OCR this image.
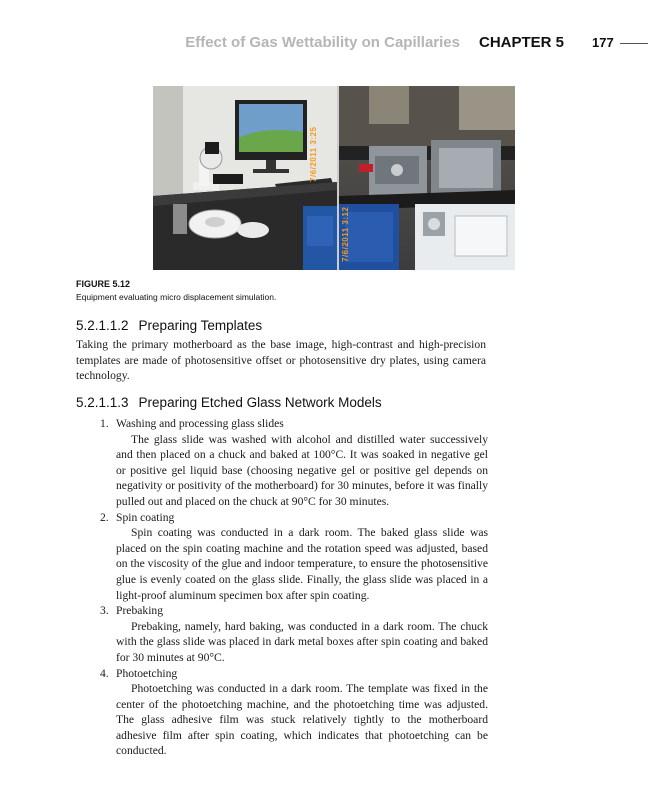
Effect of Gas Wettability on Capillaries CHAPTER 5 177
7/6/2011 3:25
7/6/2011 3:12
FIGURE 5.12
Equipment evaluating micro displacement simulation.
5.2.1.1.2 Preparing Templates
Taking the primary motherboard as the base image, high-contrast and high-precision templates are made of photosensitive offset or photosensitive dry plates, using camera technology.
5.2.1.1.3 Preparing Etched Glass Network Models
1. Washing and processing glass slides
The glass slide was washed with alcohol and distilled water successively and then placed on a chuck and baked at 100°C. It was soaked in negative gel or positive gel liquid base (choosing negative gel or positive gel depends on negativity or positivity of the motherboard) for 30 minutes, before it was finally pulled out and placed on the chuck at 90°C for 30 minutes.
2. Spin coating
Spin coating was conducted in a dark room. The baked glass slide was placed on the spin coating machine and the rotation speed was adjusted, based on the viscosity of the glue and indoor temperature, to ensure the photosensitive glue is evenly coated on the glass slide. Finally, the glass slide was placed in a light-proof aluminum specimen box after spin coating.
3. Prebaking
Prebaking, namely, hard baking, was conducted in a dark room. The chuck with the glass slide was placed in dark metal boxes after spin coating and baked for 30 minutes at 90°C.
4. Photoetching
Photoetching was conducted in a dark room. The template was fixed in the center of the photoetching machine, and the photoetching time was adjusted. The glass adhesive film was stuck relatively tightly to the motherboard adhesive film after spin coating, which indicates that photoetching can be conducted.
